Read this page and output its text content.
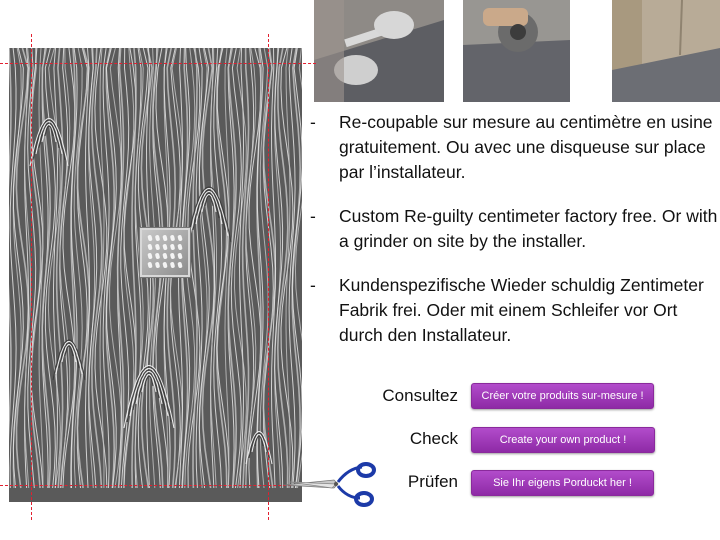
- Re-coupable sur mesure au centimètre en usine gratuitement. Ou avec une disqueuse sur place par l’installateur.
- Custom Re-guilty centimeter factory free. Or with a grinder on site by the installer.
- Kundenspezifische Wieder schuldig Zentimeter Fabrik frei. Oder mit einem Schleifer vor Ort durch den Installateur.
Consultez	Créer votre produits sur-mesure !
Check	Create your own product !
Prüfen	Sie Ihr eigens Porduckt her !
